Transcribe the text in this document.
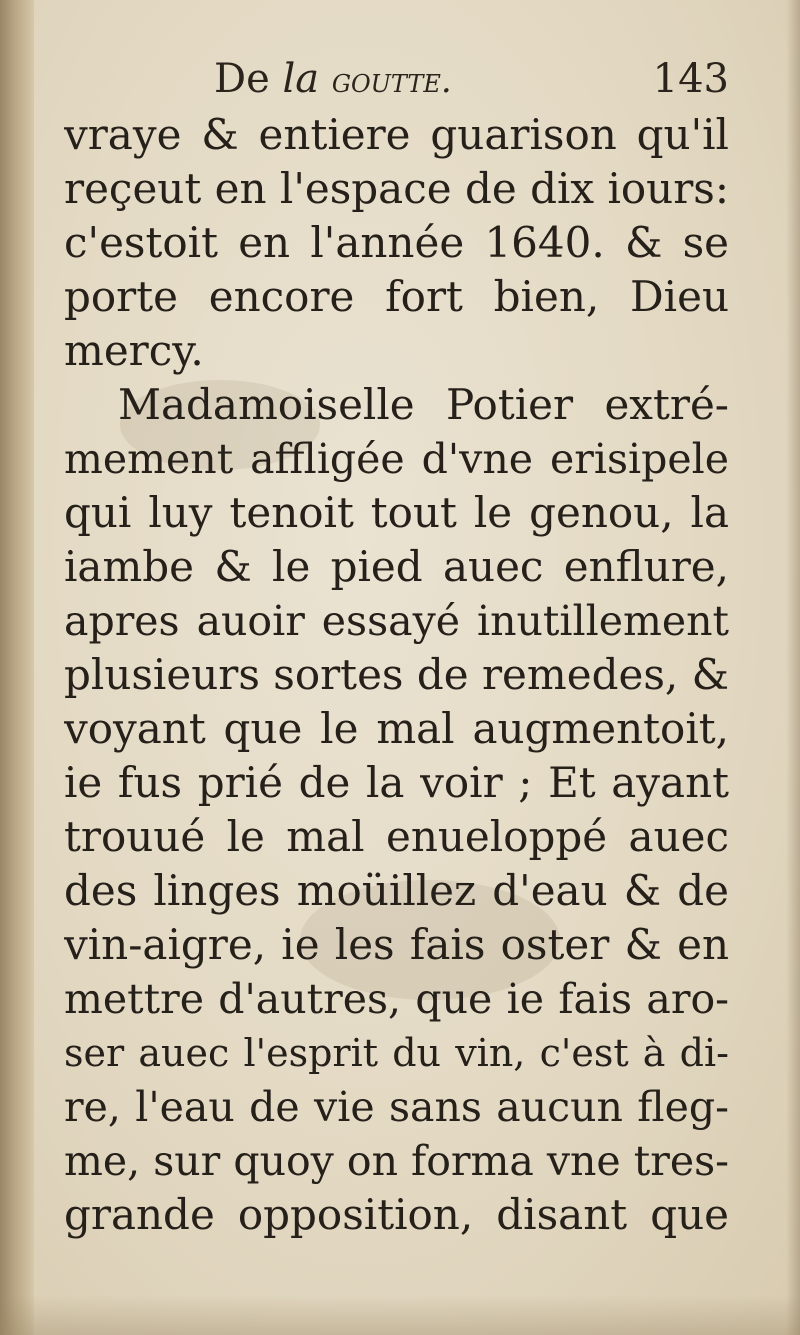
De la goutte.	143
vraye & entiere guarison qu'il
reçeut en l'espace de dix iours:
c'estoit en l'année 1640. & se
porte encore fort bien, Dieu
mercy.
Madamoiselle Potier extré-
mement affligée d'vne erisipele
qui luy tenoit tout le genou, la
iambe & le pied auec enflure,
apres auoir essayé inutillement
plusieurs sortes de remedes, &
voyant que le mal augmentoit,
ie fus prié de la voir ; Et ayant
trouué le mal enueloppé auec
des linges moüillez d'eau & de
vin-aigre, ie les fais oster & en
mettre d'autres, que ie fais aro-
ser auec l'esprit du vin, c'est à di-
re, l'eau de vie sans aucun fleg-
me, sur quoy on forma vne tres-
grande opposition, disant que
